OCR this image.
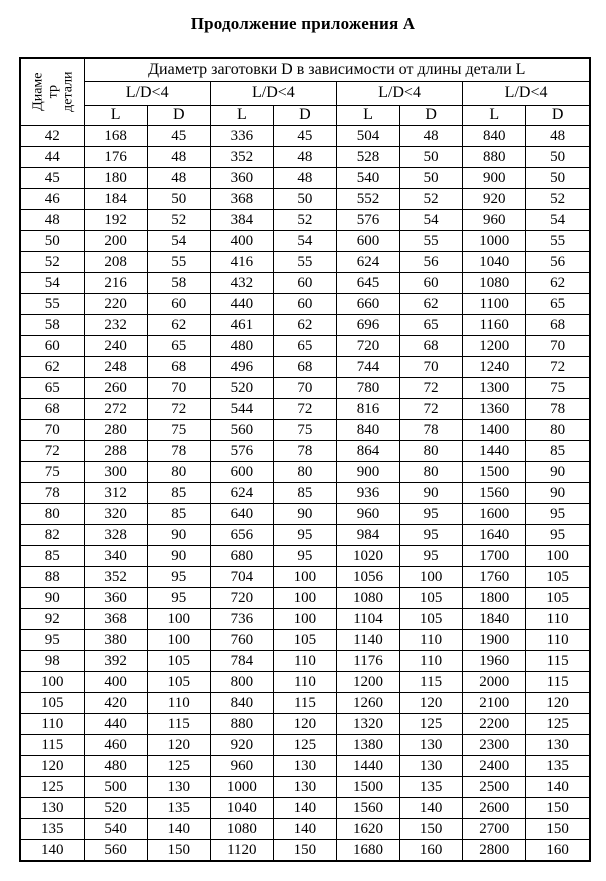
Продолжение приложения А
Диаме тр детали	Диаметр заготовки D в зависимости от длины детали L							
	L/D<4		L/D<4		L/D<4		L/D<4	
	L	D	L	D	L	D	L	D
42	168	45	336	45	504	48	840	48
44	176	48	352	48	528	50	880	50
45	180	48	360	48	540	50	900	50
46	184	50	368	50	552	52	920	52
48	192	52	384	52	576	54	960	54
50	200	54	400	54	600	55	1000	55
52	208	55	416	55	624	56	1040	56
54	216	58	432	60	645	60	1080	62
55	220	60	440	60	660	62	1100	65
58	232	62	461	62	696	65	1160	68
60	240	65	480	65	720	68	1200	70
62	248	68	496	68	744	70	1240	72
65	260	70	520	70	780	72	1300	75
68	272	72	544	72	816	72	1360	78
70	280	75	560	75	840	78	1400	80
72	288	78	576	78	864	80	1440	85
75	300	80	600	80	900	80	1500	90
78	312	85	624	85	936	90	1560	90
80	320	85	640	90	960	95	1600	95
82	328	90	656	95	984	95	1640	95
85	340	90	680	95	1020	95	1700	100
88	352	95	704	100	1056	100	1760	105
90	360	95	720	100	1080	105	1800	105
92	368	100	736	100	1104	105	1840	110
95	380	100	760	105	1140	110	1900	110
98	392	105	784	110	1176	110	1960	115
100	400	105	800	110	1200	115	2000	115
105	420	110	840	115	1260	120	2100	120
110	440	115	880	120	1320	125	2200	125
115	460	120	920	125	1380	130	2300	130
120	480	125	960	130	1440	130	2400	135
125	500	130	1000	130	1500	135	2500	140
130	520	135	1040	140	1560	140	2600	150
135	540	140	1080	140	1620	150	2700	150
140	560	150	1120	150	1680	160	2800	160
